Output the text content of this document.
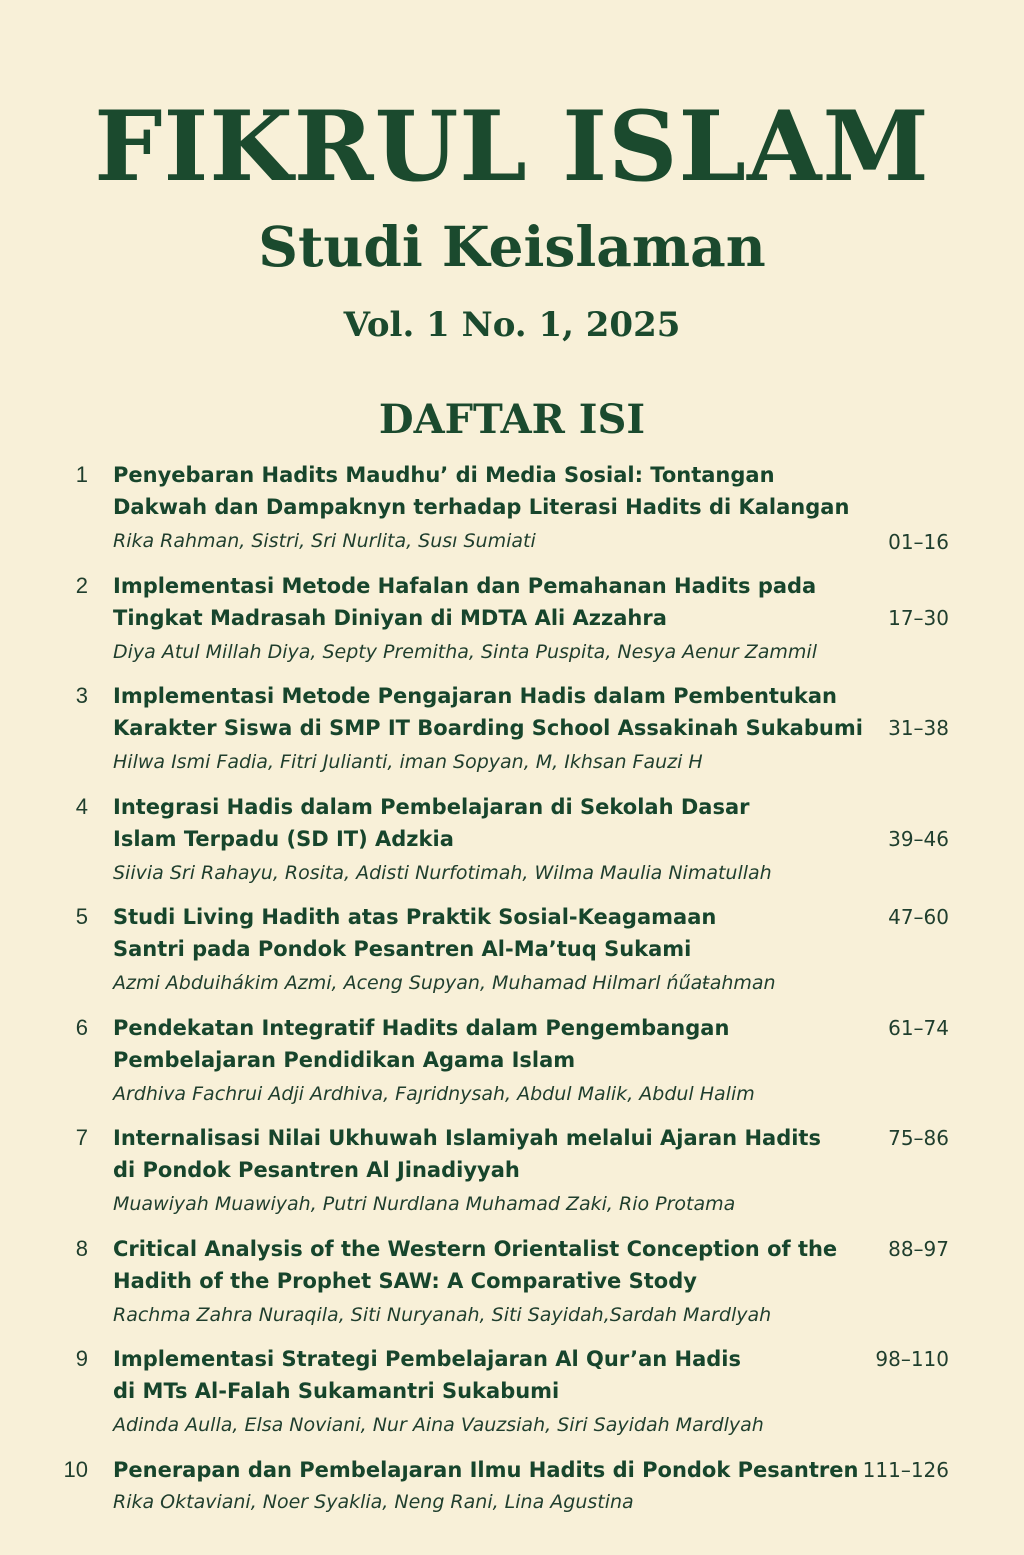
FIKRUL ISLAM
Studi Keislaman
Vol. 1 No. 1, 2025
DAFTAR ISI
1 Penyebaran Hadits Maudhu’ di Media Sosial: Tontangan
Dakwah dan Dampaknyn terhadap Literasi Hadits di Kalangan
Rika Rahman, Sistri, Sri Nurlita, Susı Sumiati	01–16
2 Implementasi Metode Hafalan dan Pemahanan Hadits pada
Tingkat Madrasah Diniyan di MDTA Ali Azzahra	17–30
Diya Atul Millah Diya, Septy Premitha, Sinta Puspita, Nesya Aenur Zammil
3 Implementasi Metode Pengajaran Hadis dalam Pembentukan
Karakter Siswa di SMP IT Boarding School Assakinah Sukabumi	31–38
Hilwa Ismi Fadia, Fitri Julianti, iman Sopyan, M, Ikhsan Fauzi H
4 Integrasi Hadis dalam Pembelajaran di Sekolah Dasar
Islam Terpadu (SD IT) Adzkia	39–46
Siivia Sri Rahayu, Rosita, Adisti Nurfotimah, Wilma Maulia Nimatullah
5 Studi Living Hadith atas Praktik Sosial-Keagamaan	47–60
Santri pada Pondok Pesantren Al-Ma’tuq Sukami
Azmi Abduihákim Azmi, Aceng Supyan, Muhamad Hilmarl ńűaŧahman
6 Pendekatan Integratif Hadits dalam Pengembangan	61–74
Pembelajaran Pendidikan Agama Islam
Ardhiva Fachrui Adji Ardhiva, Faȷridnysah, Abdul Malik, Abdul Halim
7 Internalisasi Nilai Ukhuwah Islamiyah melalui Ajaran Hadits	75–86
di Pondok Pesantren Al Jinadiyyah
Muawiyah Muawiyah, Putri Nurdlana Muhamad Zaki, Rio Protama
8 Critical Analysis of the Western Orientalist Conception of the	88–97
Hadith of the Prophet SAW: A Comparative Stody
Rachma Zahra Nuraqila, Siti Nuryanah, Siti Sayidah,Sardah Mardlyah
9 Implementasi Strategi Pembelajaran Al Qur’an Hadis	98–110
di MTs Al-Falah Sukamantri Sukabumi
Adinda Aulla, Elsa Noviani, Nur Aina Vauzsiah, Siri Sayidah Mardlyah
10 Penerapan dan Pembelaȷaran Ilmu Hadits di Pondok Pesantren 111–126
Rika Oktaviani, Noer Syaklia, Neng Rani, Lina Agustina
